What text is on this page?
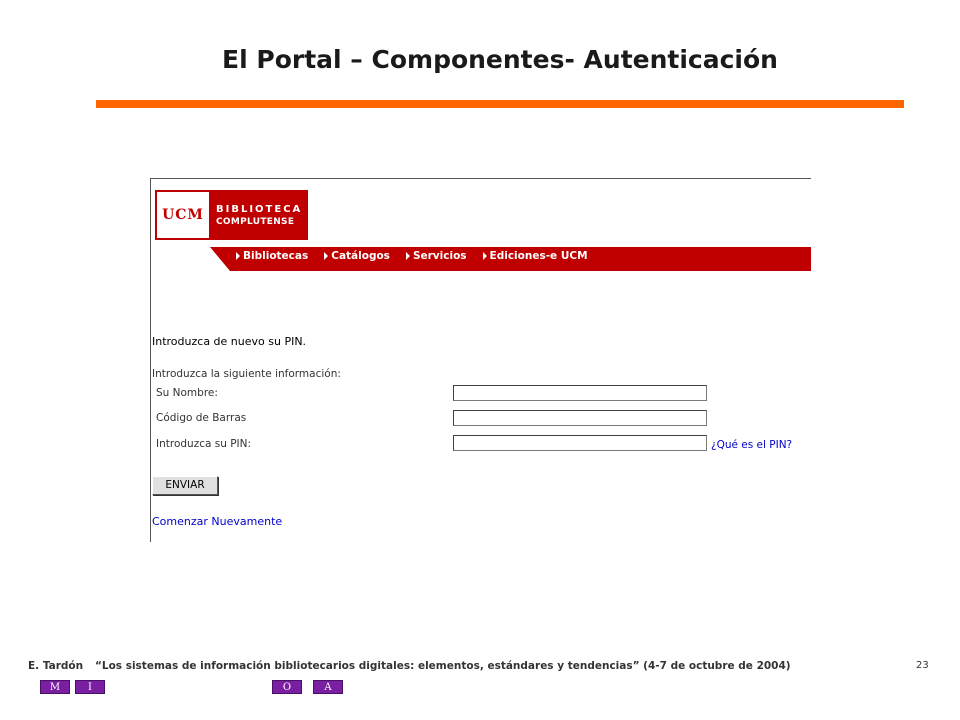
El Portal – Componentes- Autenticación
UCM	BIBLIOTECA
COMPLUTENSE
Bibliotecas Catálogos Servicios Ediciones-e UCM
Introduzca de nuevo su PIN.
Introduzca la siguiente información:
Su Nombre:
Código de Barras
Introduzca su PIN:	¿Qué es el PIN?
ENVIAR
Comenzar Nuevamente
E. Tardón “Los sistemas de información bibliotecarios digitales: elementos, estándares y tendencias” (4-7 de octubre de 2004)	23
M	I	O	A
